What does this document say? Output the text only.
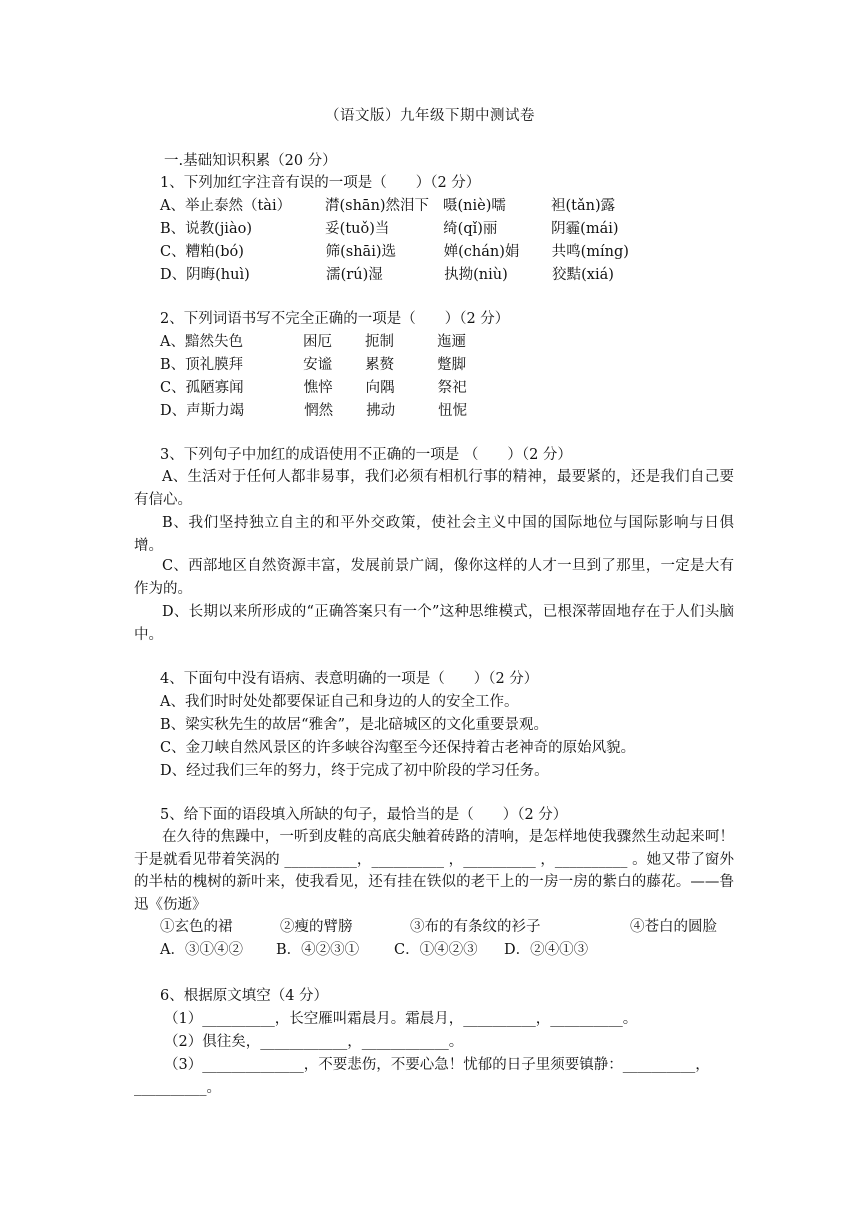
（语文版）九年级下期中测试卷
一.基础知识积累（20 分）
1、下列加红字注音有误的一项是（　　）（2 分）
A、举止泰然（tài） 潸(shān)然泪下 嗫(niè)嚅	袒(tǎn)露
B、说教(jiào)	妥(tuǒ)当	绮(qǐ)丽	阴霾(mái)
C、糟粕(bó)	筛(shāi)选	婵(chán)娟 共鸣(míng)
D、阴晦(huì)	濡(rú)湿	执拗(niù)	狡黠(xiá)
2、下列词语书写不完全正确的一项是（　　）（2 分）
A、黯然失色	困厄 扼制	迤逦
B、顶礼膜拜	安谧 累赘	蹩脚
C、孤陋寡闻	憔悴 向隅	祭祀
D、声斯力竭	惘然 拂动	忸怩
3、下列句子中加红的成语使用不正确的一项是 （　　）（2 分）
A、生活对于任何人都非易事，我们必须有相机行事的精神，最要紧的，还是我们自己要有信心。
B、我们坚持独立自主的和平外交政策，使社会主义中国的国际地位与国际影响与日俱增。
C、西部地区自然资源丰富，发展前景广阔，像你这样的人才一旦到了那里，一定是大有作为的。
D、长期以来所形成的“正确答案只有一个”这种思维模式，已根深蒂固地存在于人们头脑中。
4、下面句中没有语病、表意明确的一项是（　　）（2 分）
A、我们时时处处都要保证自己和身边的人的安全工作。
B、梁实秋先生的故居“雅舍”，是北碚城区的文化重要景观。
C、金刀峡自然风景区的许多峡谷沟壑至今还保持着古老神奇的原始风貌。
D、经过我们三年的努力，终于完成了初中阶段的学习任务。
5、给下面的语段填入所缺的句子，最恰当的是（　　）（2 分）
在久待的焦躁中，一听到皮鞋的高底尖触着砖路的清响，是怎样地使我骤然生动起来呵！于是就看见带着笑涡的 __________，__________ ，__________ ，__________ 。她又带了窗外的半枯的槐树的新叶来，使我看见，还有挂在铁似的老干上的一房一房的紫白的藤花。——鲁迅《伤逝》
①玄色的裙	②瘦的臂膀	③布的有条纹的衫子	④苍白的圆脸
A．③①④② B．④②③① C．①④②③ D．②④①③
6、根据原文填空（4 分）
（1）__________，长空雁叫霜晨月。霜晨月，__________，__________。
（2）俱往矣，____________，____________。
（3）______________，不要悲伤，不要心急！忧郁的日子里须要镇静：__________，
__________。
